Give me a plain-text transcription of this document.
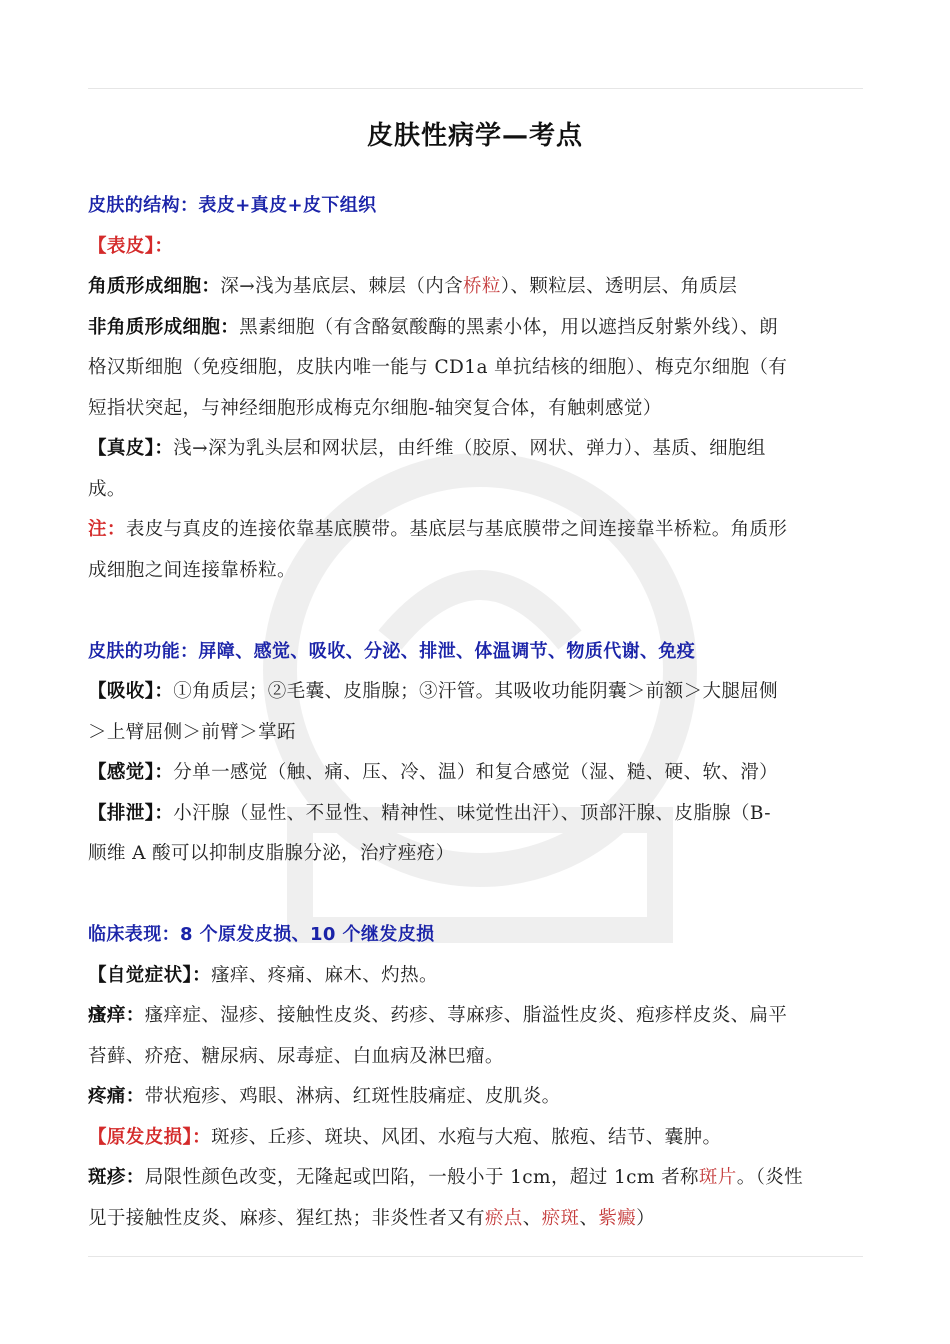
皮肤性病学—考点
皮肤的结构：表皮+真皮+皮下组织
【表皮】：
角质形成细胞：深→浅为基底层、棘层（内含桥粒）、颗粒层、透明层、角质层
非角质形成细胞：黑素细胞（有含酪氨酸酶的黑素小体，用以遮挡反射紫外线）、朗
格汉斯细胞（免疫细胞，皮肤内唯一能与 CD1a 单抗结核的细胞）、梅克尔细胞（有
短指状突起，与神经细胞形成梅克尔细胞-轴突复合体，有触刺感觉）
【真皮】：浅→深为乳头层和网状层，由纤维（胶原、网状、弹力）、基质、细胞组
成。
注：表皮与真皮的连接依靠基底膜带。基底层与基底膜带之间连接靠半桥粒。角质形
成细胞之间连接靠桥粒。
皮肤的功能：屏障、感觉、吸收、分泌、排泄、体温调节、物质代谢、免疫
【吸收】：①角质层；②毛囊、皮脂腺；③汗管。其吸收功能阴囊＞前额＞大腿屈侧
＞上臂屈侧＞前臂＞掌跖
【感觉】：分单一感觉（触、痛、压、冷、温）和复合感觉（湿、糙、硬、软、滑）
【排泄】：小汗腺（显性、不显性、精神性、味觉性出汗）、顶部汗腺、皮脂腺（B-
顺维 A 酸可以抑制皮脂腺分泌，治疗痤疮）
临床表现：8 个原发皮损、10 个继发皮损
【自觉症状】：瘙痒、疼痛、麻木、灼热。
瘙痒：瘙痒症、湿疹、接触性皮炎、药疹、荨麻疹、脂溢性皮炎、疱疹样皮炎、扁平
苔藓、疥疮、糖尿病、尿毒症、白血病及淋巴瘤。
疼痛：带状疱疹、鸡眼、淋病、红斑性肢痛症、皮肌炎。
【原发皮损】：斑疹、丘疹、斑块、风团、水疱与大疱、脓疱、结节、囊肿。
斑疹：局限性颜色改变，无隆起或凹陷，一般小于 1cm，超过 1cm 者称斑片。（炎性
见于接触性皮炎、麻疹、猩红热；非炎性者又有瘀点、瘀斑、紫癜）
